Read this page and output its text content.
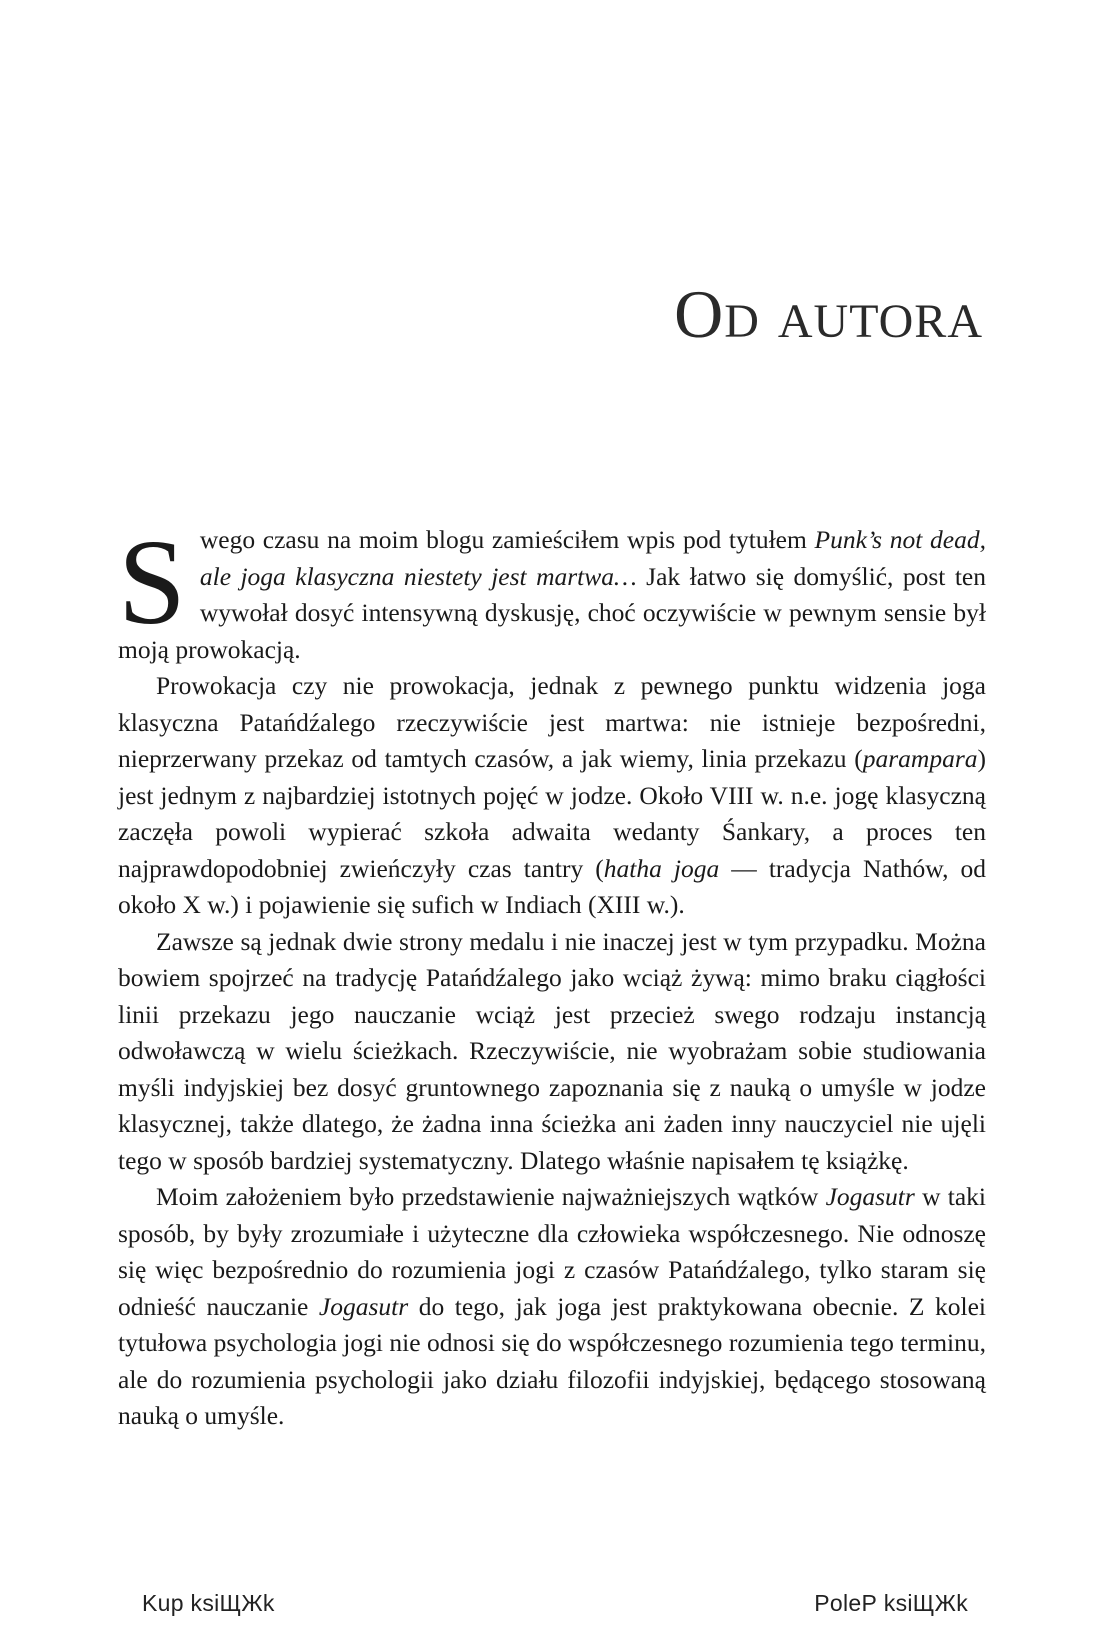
Od autora

Swego czasu na moim blogu zamieściłem wpis pod tytułem Punk’s not dead, ale joga klasyczna niestety jest martwa… Jak łatwo się domyślić, post ten wywołał dosyć intensywną dyskusję, choć oczywiście w pewnym sensie był moją prowokacją.

Prowokacja czy nie prowokacja, jednak z pewnego punktu widzenia joga klasyczna Patańdźalego rzeczywiście jest martwa: nie istnieje bezpośredni, nieprzerwany przekaz od tamtych czasów, a jak wiemy, linia przekazu (parampara) jest jednym z najbardziej istotnych pojęć w jodze. Około VIII w. n.e. jogę klasyczną zaczęła powoli wypierać szkoła adwaita wedanty Śankary, a proces ten najprawdopodobniej zwieńczyły czas tantry (hatha joga — tradycja Nathów, od około X w.) i pojawienie się sufich w Indiach (XIII w.).

Zawsze są jednak dwie strony medalu i nie inaczej jest w tym przypadku. Można bowiem spojrzeć na tradycję Patańdźalego jako wciąż żywą: mimo braku ciągłości linii przekazu jego nauczanie wciąż jest przecież swego rodzaju instancją odwoławczą w wielu ścieżkach. Rzeczywiście, nie wyobrażam sobie studiowania myśli indyjskiej bez dosyć gruntownego zapoznania się z nauką o umyśle w jodze klasycznej, także dlatego, że żadna inna ścieżka ani żaden inny nauczyciel nie ujęli tego w sposób bardziej systematyczny. Dlatego właśnie napisałem tę książkę.

Moim założeniem było przedstawienie najważniejszych wątków Jogasutr w taki sposób, by były zrozumiałe i użyteczne dla człowieka współczesnego. Nie odnoszę się więc bezpośrednio do rozumienia jogi z czasów Patańdźalego, tylko staram się odnieść nauczanie Jogasutr do tego, jak joga jest praktykowana obecnie. Z kolei tytułowa psychologia jogi nie odnosi się do współczesnego rozumienia tego terminu, ale do rozumienia psychologii jako działu filozofii indyjskiej, będącego stosowaną nauką o umyśle.

Kup ksiЩЖk	PoleР ksiЩЖk
